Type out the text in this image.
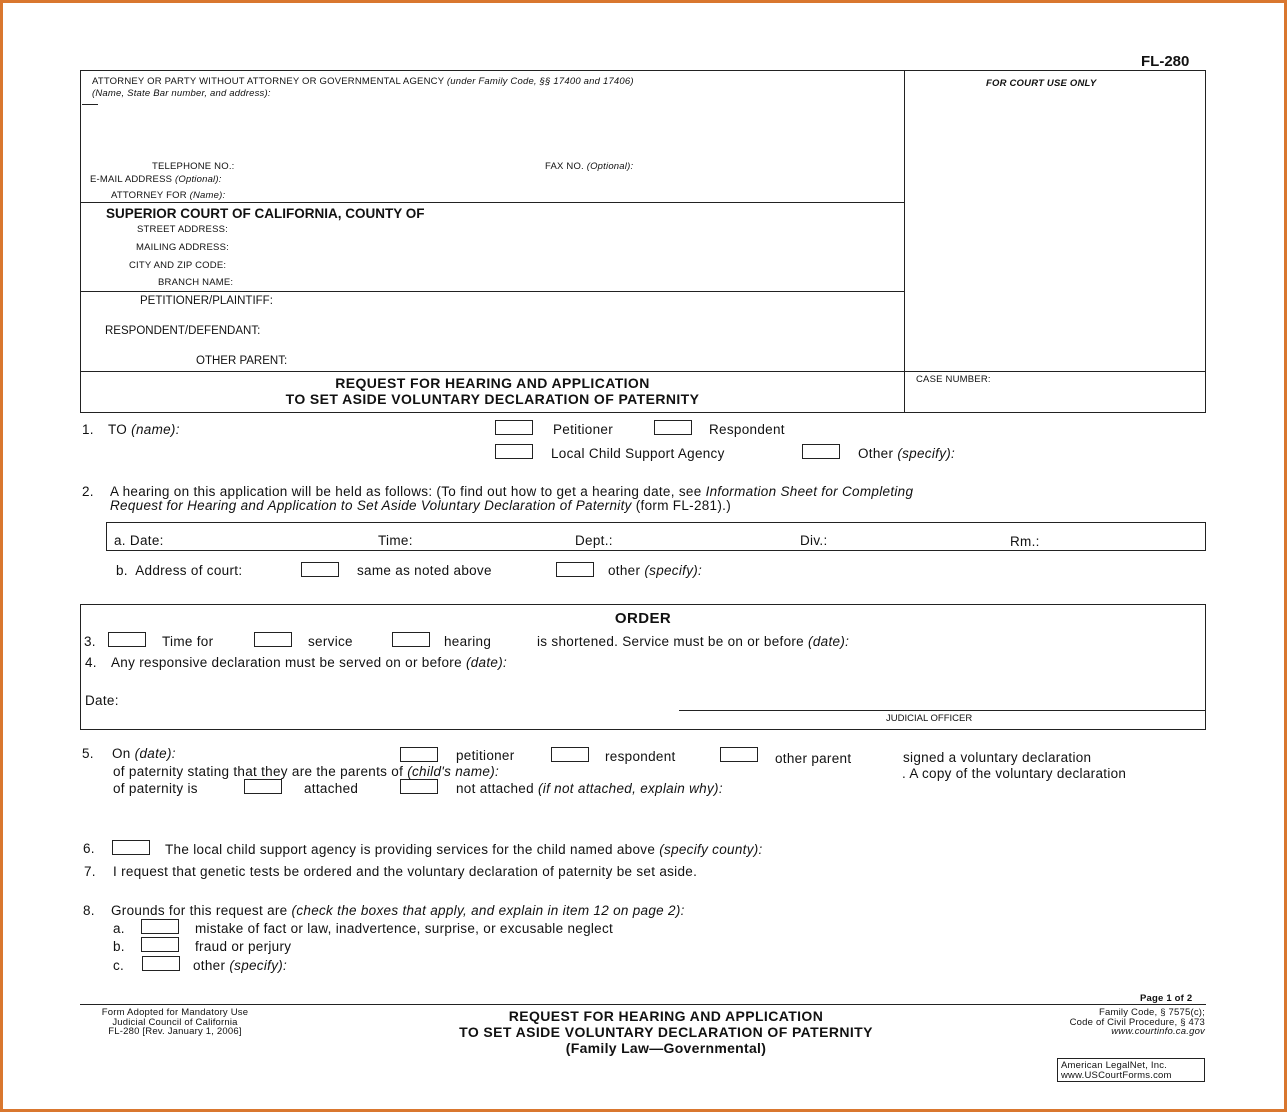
FL-280
ATTORNEY OR PARTY WITHOUT ATTORNEY OR GOVERNMENTAL AGENCY (under Family Code, §§ 17400 and 17406)
(Name, State Bar number, and address):
TELEPHONE NO.:	FAX NO. (Optional):
E-MAIL ADDRESS (Optional):
ATTORNEY FOR (Name):
FOR COURT USE ONLY
SUPERIOR COURT OF CALIFORNIA, COUNTY OF
STREET ADDRESS:
MAILING ADDRESS:
CITY AND ZIP CODE:
BRANCH NAME:
PETITIONER/PLAINTIFF:
RESPONDENT/DEFENDANT:
OTHER PARENT:
REQUEST FOR HEARING AND APPLICATION
TO SET ASIDE VOLUNTARY DECLARATION OF PATERNITY
CASE NUMBER:
1. TO (name):	Petitioner	Respondent
Local Child Support Agency	Other (specify):
2. A hearing on this application will be held as follows: (To find out how to get a hearing date, see Information Sheet for Completing
Request for Hearing and Application to Set Aside Voluntary Declaration of Paternity (form FL-281).)
a. Date:	Time:	Dept.:	Div.:	Rm.:
b. Address of court:	same as noted above	other (specify):
ORDER
3.	Time for	service	hearing	is shortened. Service must be on or before (date):
4. Any responsive declaration must be served on or before (date):
Date:
JUDICIAL OFFICER
5. On (date):	petitioner	respondent	other parent	signed a voluntary declaration
of paternity stating that they are the parents of (child's name):	. A copy of the voluntary declaration
of paternity is	attached	not attached (if not attached, explain why):
6.	The local child support agency is providing services for the child named above (specify county):
7. I request that genetic tests be ordered and the voluntary declaration of paternity be set aside.
8. Grounds for this request are (check the boxes that apply, and explain in item 12 on page 2):
a.	mistake of fact or law, inadvertence, surprise, or excusable neglect
b.	fraud or perjury
c.	other (specify):
Page 1 of 2
Form Adopted for Mandatory Use
Judicial Council of California
FL-280 [Rev. January 1, 2006]
REQUEST FOR HEARING AND APPLICATION
TO SET ASIDE VOLUNTARY DECLARATION OF PATERNITY
(Family Law—Governmental)
Family Code, § 7575(c);
Code of Civil Procedure, § 473
www.courtinfo.ca.gov
American LegalNet, Inc.
www.USCourtForms.com
